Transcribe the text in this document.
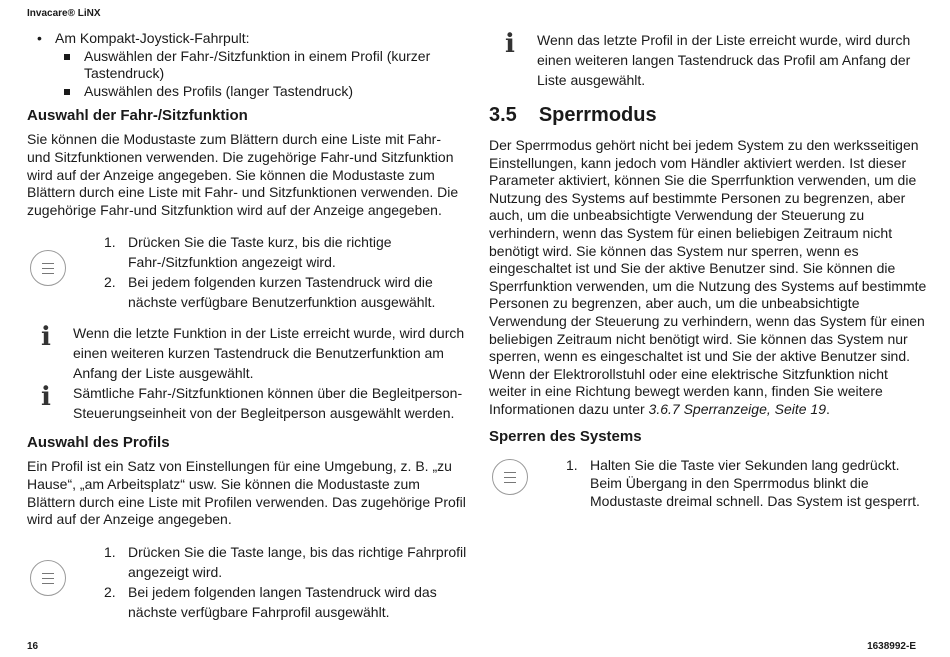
Invacare® LiNX
• Am Kompakt-Joystick-Fahrpult:
Auswählen der Fahr-/Sitzfunktion in einem Profil (kurzer Tastendruck)
Auswählen des Profils (langer Tastendruck)
Auswahl der Fahr-/Sitzfunktion

Sie können die Modustaste zum Blättern durch eine Liste mit Fahr- und Sitzfunktionen verwenden. Die zugehörige Fahr-und Sitzfunktion wird auf der Anzeige angegeben. Sie können die Modustaste zum Blättern durch eine Liste mit Fahr- und Sitzfunktionen verwenden. Die zugehörige Fahr-und Sitzfunktion wird auf der Anzeige angegeben.

1. Drücken Sie die Taste kurz, bis die richtige Fahr-/Sitzfunktion angezeigt wird.
2. Bei jedem folgenden kurzen Tastendruck wird die nächste verfügbare Benutzerfunktion ausgewählt.
ℹ Wenn die letzte Funktion in der Liste erreicht wurde, wird durch einen weiteren kurzen Tastendruck die Benutzerfunktion am Anfang der Liste ausgewählt.
ℹ Sämtliche Fahr-/Sitzfunktionen können über die Begleitperson-Steuerungseinheit von der Begleitperson ausgewählt werden.
Auswahl des Profils

Ein Profil ist ein Satz von Einstellungen für eine Umgebung, z. B. „zu Hause“, „am Arbeitsplatz“ usw. Sie können die Modustaste zum Blättern durch eine Liste mit Profilen verwenden. Das zugehörige Profil wird auf der Anzeige angegeben.

1. Drücken Sie die Taste lange, bis das richtige Fahrprofil angezeigt wird.
2. Bei jedem folgenden langen Tastendruck wird das nächste verfügbare Fahrprofil ausgewählt.
ℹ Wenn das letzte Profil in der Liste erreicht wurde, wird durch einen weiteren langen Tastendruck das Profil am Anfang der Liste ausgewählt.
3.5 Sperrmodus

Der Sperrmodus gehört nicht bei jedem System zu den werksseitigen Einstellungen, kann jedoch vom Händler aktiviert werden. Ist dieser Parameter aktiviert, können Sie die Sperrfunktion verwenden, um die Nutzung des Systems auf bestimmte Personen zu begrenzen, aber auch, um die unbeabsichtigte Verwendung der Steuerung zu verhindern, wenn das System für einen beliebigen Zeitraum nicht benötigt wird. Sie können das System nur sperren, wenn es eingeschaltet ist und Sie der aktive Benutzer sind. Sie können die Sperrfunktion verwenden, um die Nutzung des Systems auf bestimmte Personen zu begrenzen, aber auch, um die unbeabsichtigte Verwendung der Steuerung zu verhindern, wenn das System für einen beliebigen Zeitraum nicht benötigt wird. Sie können das System nur sperren, wenn es eingeschaltet ist und Sie der aktive Benutzer sind. Wenn der Elektrorollstuhl oder eine elektrische Sitzfunktion nicht weiter in eine Richtung bewegt werden kann, finden Sie weitere Informationen dazu unter 3.6.7 Sperranzeige, Seite 19.

Sperren des Systems
1. Halten Sie die Taste vier Sekunden lang gedrückt.
Beim Übergang in den Sperrmodus blinkt die Modustaste dreimal schnell. Das System ist gesperrt.
16	1638992-E
